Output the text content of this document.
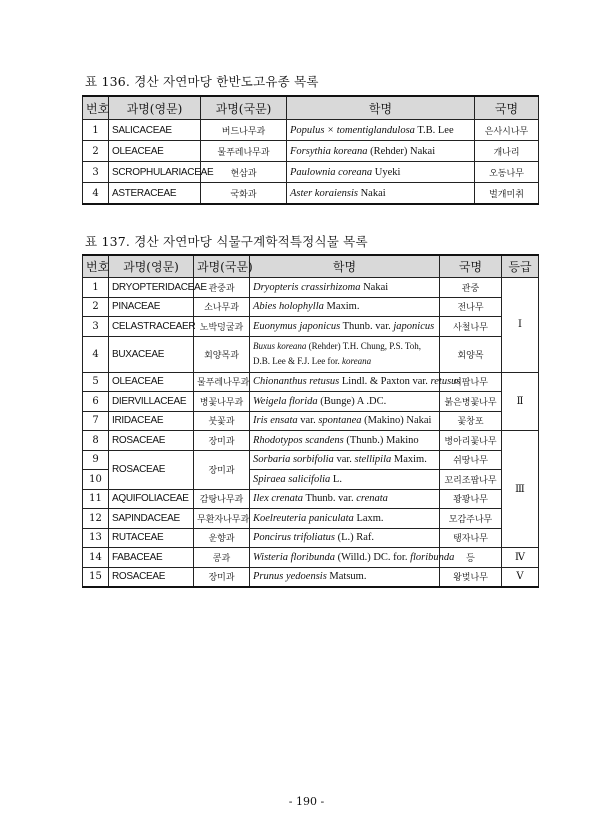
표 136. 경산 자연마당 한반도고유종 목록
번호	과명(영문)	과명(국문)	학명	국명
1	SALICACEAE	버드나무과	Populus × tomentiglandulosa T.B. Lee	은사시나무
2	OLEACEAE	물푸레나무과	Forsythia koreana (Rehder) Nakai	개나리
3	SCROPHULARIACEAE	현삼과	Paulownia coreana Uyeki	오동나무
4	ASTERACEAE	국화과	Aster koraiensis Nakai	벌개미취
표 137. 경산 자연마당 식물구계학적특정식물 목록
번호	과명(영문)	과명(국문)	학명	국명	등급
1	DRYOPTERIDACEAE	관중과	Dryopteris crassirhizoma Nakai	관중	Ⅰ
2	PINACEAE	소나무과	Abies holophylla Maxim.	전나무	
3	CELASTRACEAER	노박덩굴과	Euonymus japonicus Thunb. var. japonicus	사철나무	
4	BUXACEAE	회양목과	Buxus koreana (Rehder) T.H. Chung, P.S. Toh, D.B. Lee & F.J. Lee for. koreana	회양목	
5	OLEACEAE	물푸레나무과	Chionanthus retusus Lindl. & Paxton var. retusus	이팝나무	Ⅱ
6	DIERVILLACEAE	병꽃나무과	Weigela florida (Bunge) A .DC.	붉은병꽃나무	
7	IRIDACEAE	붓꽃과	Iris ensata var. spontanea (Makino) Nakai	꽃창포	
8	ROSACEAE	장미과	Rhodotypos scandens (Thunb.) Makino	병아리꽃나무	Ⅲ
9	ROSACEAE	장미과	Sorbaria sorbifolia var. stellipila Maxim.	쉬땅나무	
10			Spiraea salicifolia L.	꼬리조팝나무	
11	AQUIFOLIACEAE	감탕나무과	Ilex crenata Thunb. var. crenata	꽝꽝나무	
12	SAPINDACEAE	무환자나무과	Koelreuteria paniculata Laxm.	모감주나무	
13	RUTACEAE	운향과	Poncirus trifoliatus (L.) Raf.	탱자나무	
14	FABACEAE	콩과	Wisteria floribunda (Willd.) DC. for. floribunda	등	Ⅳ
15	ROSACEAE	장미과	Prunus yedoensis Matsum.	왕벚나무	Ⅴ
- 190 -
